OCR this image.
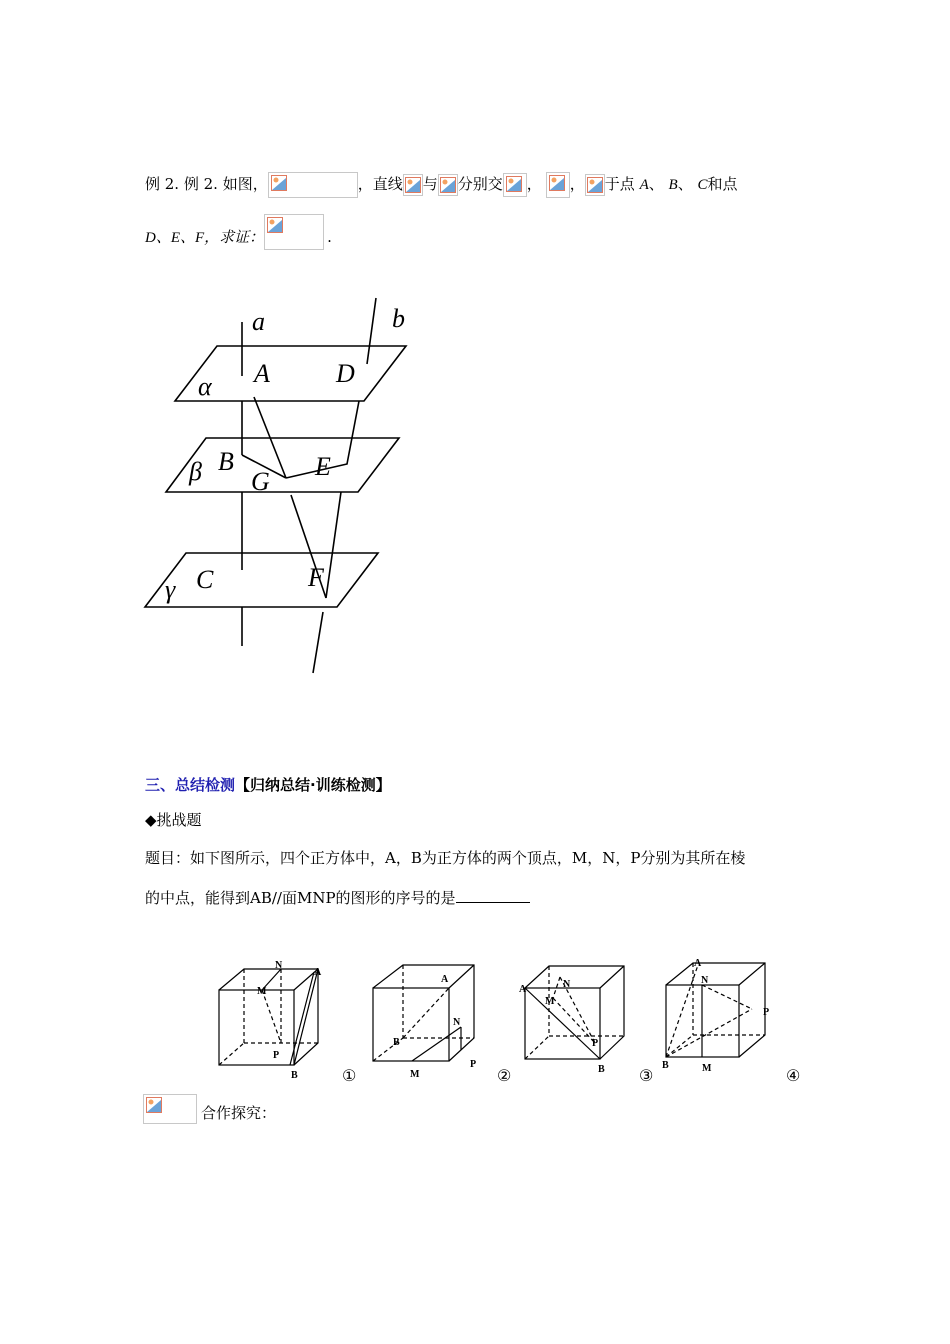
例 2. 例 2. 如图，	，直线 与 分别交 ， ， 于点 A、 B、 C和点
D、E、F，求证：	.
a	b
α A	D
β B
G
E
γ C	F
三、总结检测【归纳总结·训练检测】
◆挑战题
题目：如下图所示，四个正方体中，A，B为正方体的两个顶点，M，N，P分别为其所在棱
的中点，能得到AB//面MNP的图形的序号的是
N
A
M
P
B
A
N
B
P
M
A	N
M
P
B
A
N
P
B	M
①	②	③	④
合作探究：
